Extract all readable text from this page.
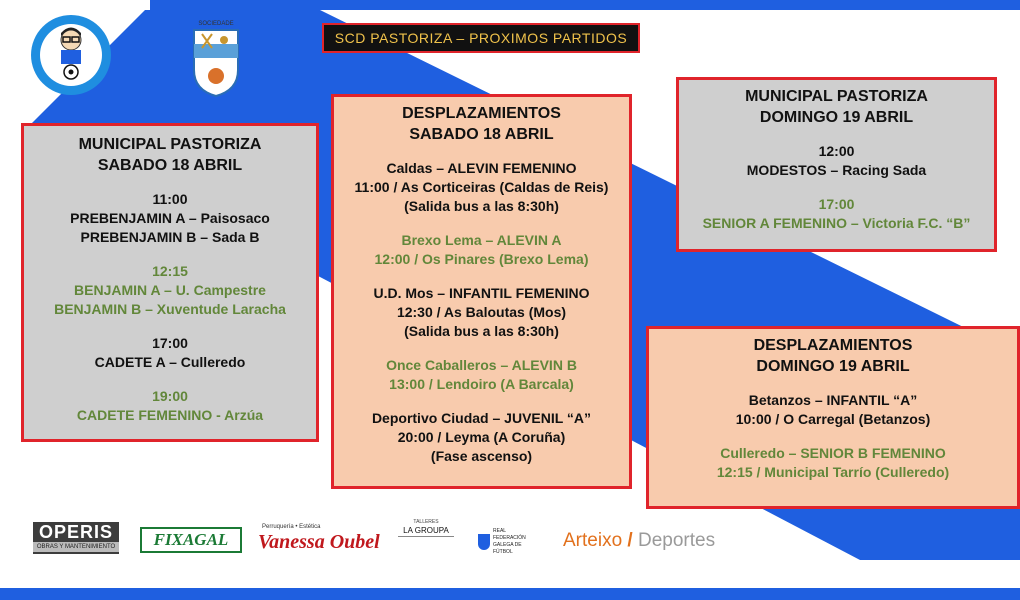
SOCIEDADE
SCD PASTORIZA – PROXIMOS PARTIDOS
MUNICIPAL PASTORIZA
SABADO 18 ABRIL
11:00
PREBENJAMIN A – Paisosaco
PREBENJAMIN B – Sada B
12:15
BENJAMIN A – U. Campestre
BENJAMIN B – Xuventude Laracha
17:00
CADETE A – Culleredo
19:00
CADETE FEMENINO - Arzúa
DESPLAZAMIENTOS
SABADO 18 ABRIL
Caldas – ALEVIN FEMENINO
11:00 / As Corticeiras (Caldas de Reis)
(Salida bus a las 8:30h)
Brexo Lema – ALEVIN A
12:00 / Os Pinares (Brexo Lema)
U.D. Mos – INFANTIL FEMENINO
12:30 / As Baloutas (Mos)
(Salida bus a las 8:30h)
Once Caballeros – ALEVIN B
13:00 / Lendoiro (A Barcala)
Deportivo Ciudad – JUVENIL “A”
20:00 / Leyma (A Coruña)
(Fase ascenso)
MUNICIPAL PASTORIZA
DOMINGO 19 ABRIL
12:00
MODESTOS – Racing Sada
17:00
SENIOR A FEMENINO – Victoria F.C. “B”
DESPLAZAMIENTOS
DOMINGO 19 ABRIL
Betanzos – INFANTIL “A”
10:00 / O Carregal (Betanzos)
Culleredo – SENIOR B FEMENINO
12:15 / Municipal Tarrío (Culleredo)
OPERIS
OBRAS Y MANTENIMIENTO FIXAGAL
Perruquería • Estética
Vanessa Oubel
TALLERES
LA GROUPA	REAL FEDERACIÓN GALEGA DE FÚTBOL
Arteixo / Deportes
